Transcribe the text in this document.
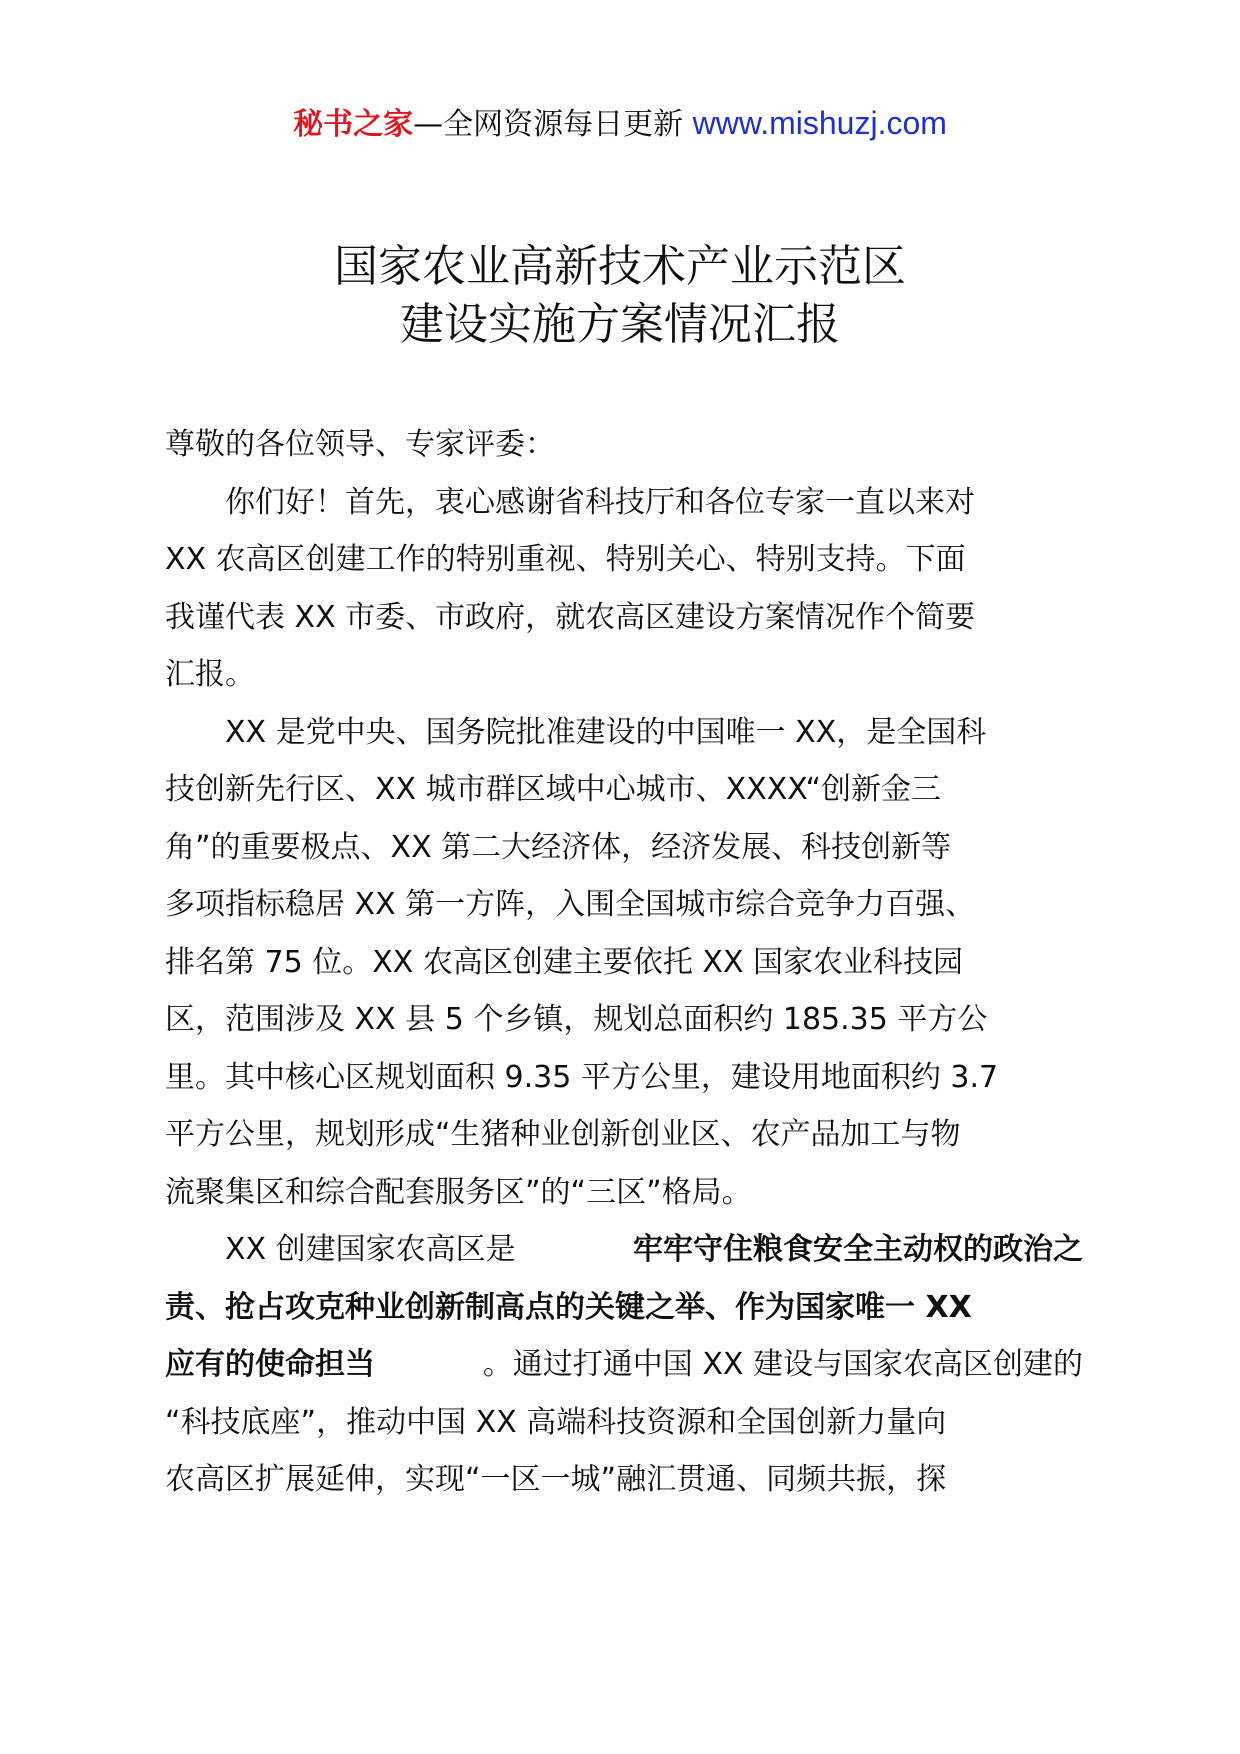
秘书之家—全网资源每日更新 www.mishuzj.com
国家农业高新技术产业示范区
建设实施方案情况汇报
尊敬的各位领导、专家评委：
你们好！首先，衷心感谢省科技厅和各位专家一直以来对
XX 农高区创建工作的特别重视、特别关心、特别支持。下面
我谨代表 XX 市委、市政府，就农高区建设方案情况作个简要
汇报。
XX 是党中央、国务院批准建设的中国唯一 XX，是全国科
技创新先行区、XX 城市群区域中心城市、XXXX“创新金三
角”的重要极点、XX 第二大经济体，经济发展、科技创新等
多项指标稳居 XX 第一方阵，入围全国城市综合竞争力百强、
排名第 75 位。XX 农高区创建主要依托 XX 国家农业科技园
区，范围涉及 XX 县 5 个乡镇，规划总面积约 185.35 平方公
里。其中核心区规划面积 9.35 平方公里，建设用地面积约 3.7
平方公里，规划形成“生猪种业创新创业区、农产品加工与物
流聚集区和综合配套服务区”的“三区”格局。
XX 创建国家农高区是	牢牢守住粮食安全主动权的政治之
责、抢占攻克种业创新制高点的关键之举、作为国家唯一 XX
应有的使命担当	。通过打通中国 XX 建设与国家农高区创建的
“科技底座”，推动中国 XX 高端科技资源和全国创新力量向
农高区扩展延伸，实现“一区一城”融汇贯通、同频共振，探
